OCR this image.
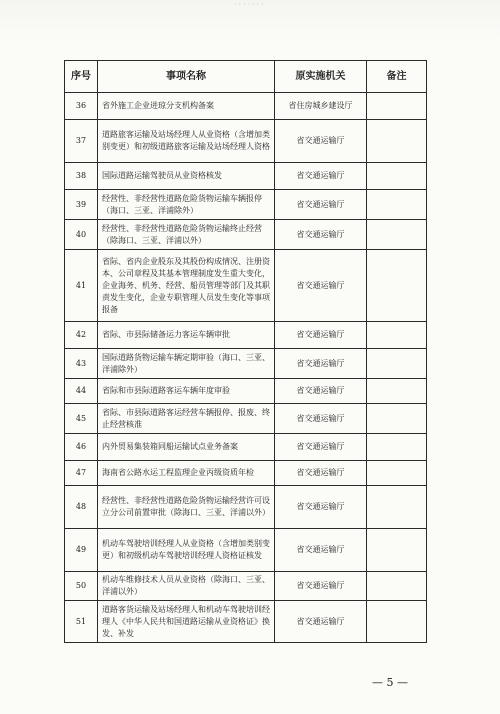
·······
序号	事项名称	原实施机关	备注
36	省外施工企业进琼分支机构备案	省住房城乡建设厅	
37	道路旅客运输及站场经理人从业资格（含增加类别变更）和初级道路旅客运输及站场经理人资格	省交通运输厅	
38	国际道路运输驾驶员从业资格核发	省交通运输厅	
39	经营性、非经营性道路危险货物运输车辆报停（海口、三亚、洋浦除外）	省交通运输厅	
40	经营性、非经营性道路危险货物运输终止经营（除海口、三亚、洋浦以外）	省交通运输厅	
41	省际、省内企业股东及其股份构成情况、注册资本、公司章程及其基本管理制度发生重大变化，企业海务、机务、经营、船员管理等部门及其职责发生变化，企业专职管理人员发生变化等事项报备	省交通运输厅	
42	省际、市县际储备运力客运车辆审批	省交通运输厅	
43	国际道路货物运输车辆定期审验（海口、三亚、洋浦除外）	省交通运输厅	
44	省际和市县际道路客运车辆年度审验	省交通运输厅	
45	省际、市县际道路客运经营车辆报停、报废、终止经营核准	省交通运输厅	
46	内外贸易集装箱同船运输试点业务备案	省交通运输厅	
47	海南省公路水运工程监理企业丙级资质年检	省交通运输厅	
48	经营性、非经营性道路危险货物运输经营许可设立分公司前置审批（除海口、三亚、洋浦以外）	省交通运输厅	
49	机动车驾驶培训经理人从业资格（含增加类别变更）和初级机动车驾驶培训经理人资格证核发	省交通运输厅	
50	机动车维修技术人员从业资格（除海口、三亚、洋浦以外）	省交通运输厅	
51	道路客货运输及站场经理人和机动车驾驶培训经理人《中华人民共和国道路运输从业资格证》换发、补发	省交通运输厅	
— 5 —
